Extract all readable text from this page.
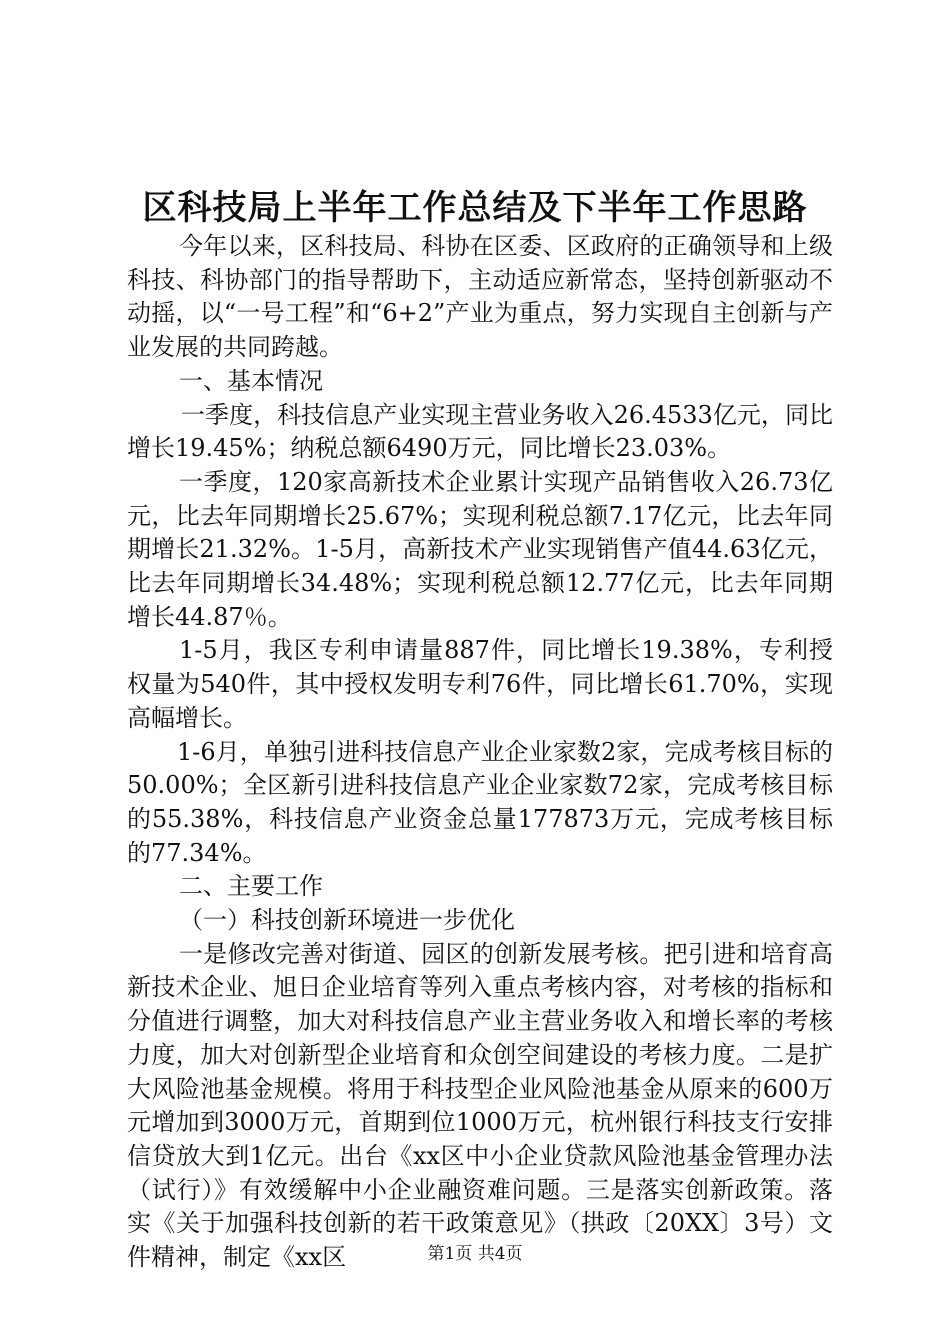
区科技局上半年工作总结及下半年工作思路

今年以来，区科技局、科协在区委、区政府的正确领导和上级科技、科协部门的指导帮助下，主动适应新常态，坚持创新驱动不动摇，以“一号工程”和“6+2”产业为重点，努力实现自主创新与产业发展的共同跨越。

一、基本情况

一季度，科技信息产业实现主营业务收入26.4533亿元，同比增长19.45%；纳税总额6490万元，同比增长23.03%。

一季度，120家高新技术企业累计实现产品销售收入26.73亿元，比去年同期增长25.67%；实现利税总额7.17亿元，比去年同期增长21.32%。1-5月，高新技术产业实现销售产值44.63亿元，比去年同期增长34.48%；实现利税总额12.77亿元，比去年同期增长44.87％。

1-5月，我区专利申请量887件，同比增长19.38%，专利授权量为540件，其中授权发明专利76件，同比增长61.70%，实现高幅增长。

1-6月，单独引进科技信息产业企业家数2家，完成考核目标的50.00%；全区新引进科技信息产业企业家数72家，完成考核目标的55.38%，科技信息产业资金总量177873万元，完成考核目标的77.34%。

二、主要工作

（一）科技创新环境进一步优化

一是修改完善对街道、园区的创新发展考核。把引进和培育高新技术企业、旭日企业培育等列入重点考核内容，对考核的指标和分值进行调整，加大对科技信息产业主营业务收入和增长率的考核力度，加大对创新型企业培育和众创空间建设的考核力度。二是扩大风险池基金规模。将用于科技型企业风险池基金从原来的600万元增加到3000万元，首期到位1000万元，杭州银行科技支行安排信贷放大到1亿元。出台《xx区中小企业贷款风险池基金管理办法（试行）》有效缓解中小企业融资难问题。三是落实创新政策。落实《关于加强科技创新的若干政策意见》（拱政〔20XX〕3号）文件精神，制定《xx区	第1页 共4页
